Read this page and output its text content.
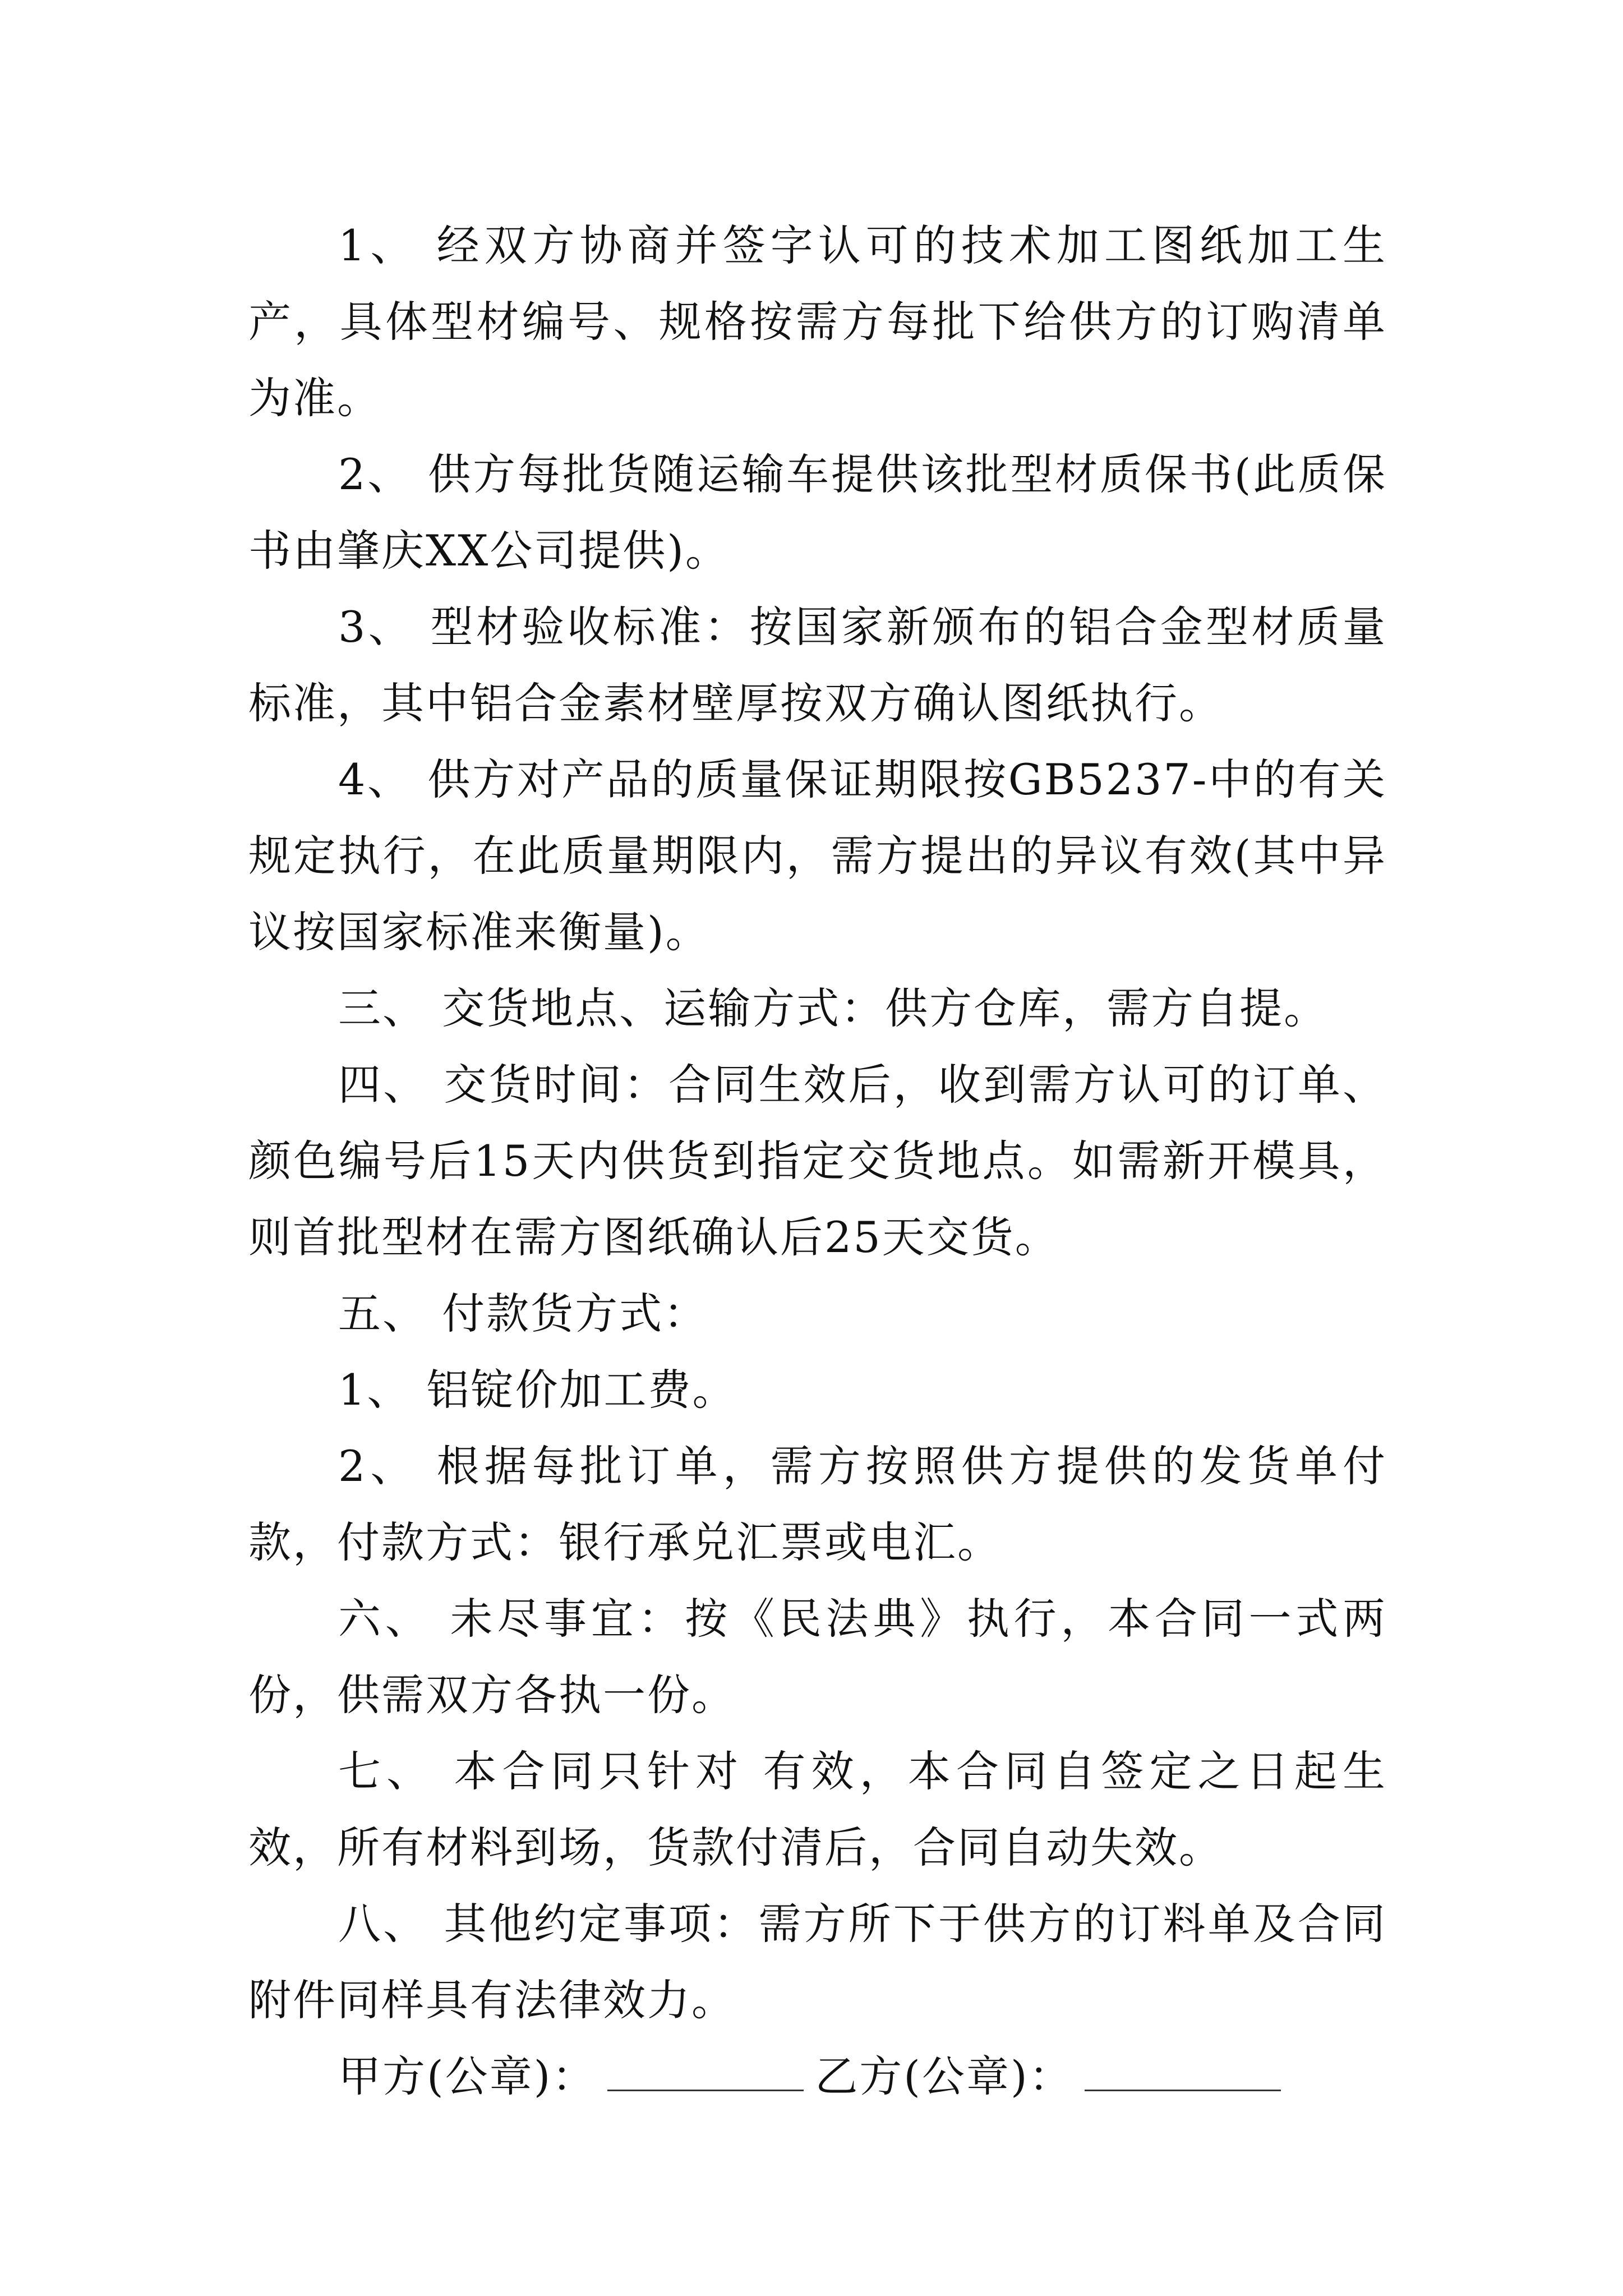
1、 经双方协商并签字认可的技术加工图纸加工生产，具体型材编号、规格按需方每批下给供方的订购清单为准。

2、 供方每批货随运输车提供该批型材质保书(此质保书由肇庆XX公司提供)。

3、 型材验收标准：按国家新颁布的铝合金型材质量标准，其中铝合金素材壁厚按双方确认图纸执行。

4、 供方对产品的质量保证期限按GB5237-中的有关规定执行，在此质量期限内，需方提出的异议有效(其中异议按国家标准来衡量)。

三、 交货地点、运输方式：供方仓库，需方自提。

四、 交货时间：合同生效后，收到需方认可的订单、颜色编号后15天内供货到指定交货地点。如需新开模具，则首批型材在需方图纸确认后25天交货。

五、 付款货方式：

1、 铝锭价加工费。

2、 根据每批订单，需方按照供方提供的发货单付款，付款方式：银行承兑汇票或电汇。

六、 未尽事宜：按《民法典》执行，本合同一式两份，供需双方各执一份。

七、 本合同只针对 有效，本合同自签定之日起生效，所有材料到场，货款付清后，合同自动失效。

八、 其他约定事项：需方所下于供方的订料单及合同附件同样具有法律效力。

甲方(公章)：	乙方(公章)：
